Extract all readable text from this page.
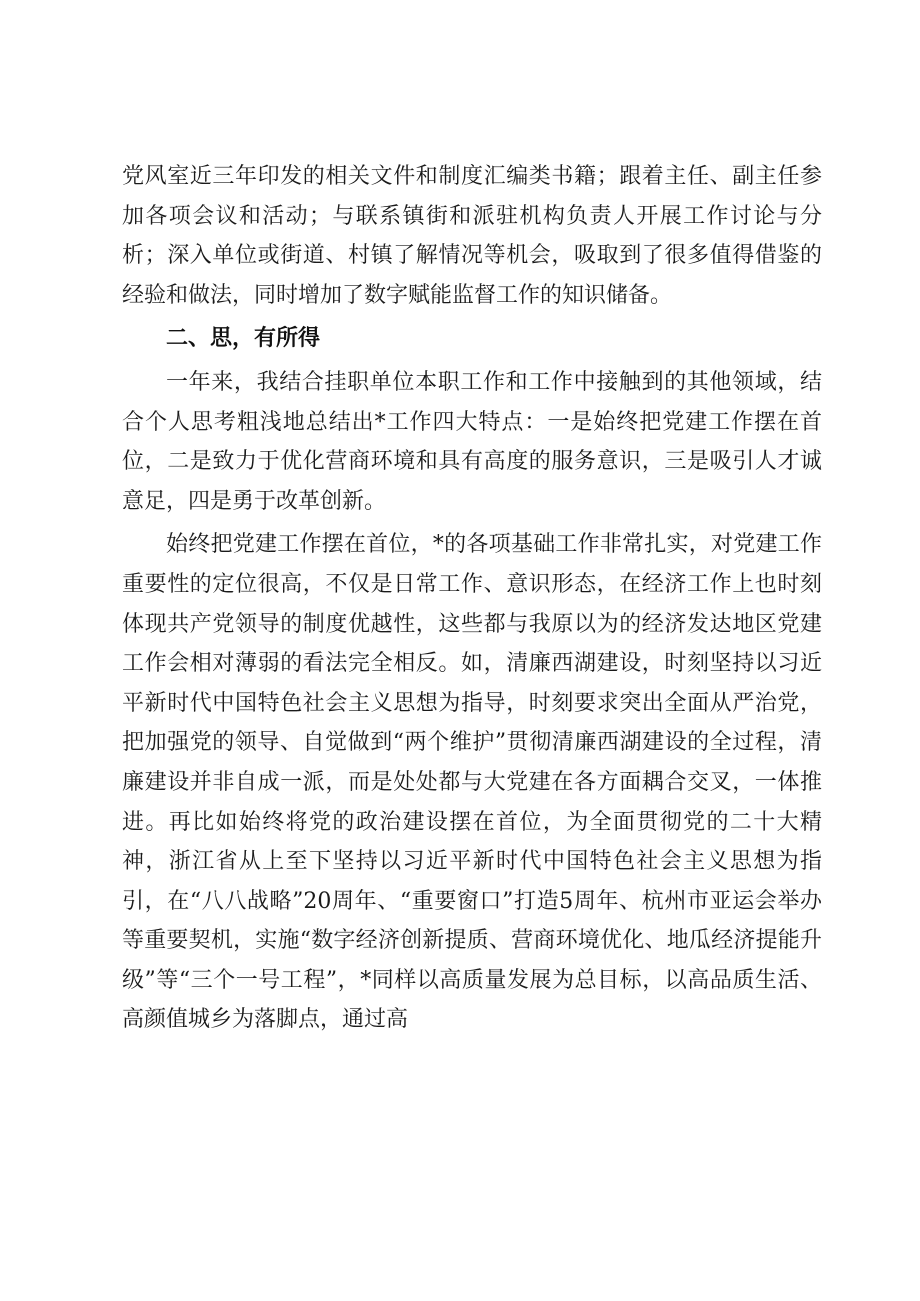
党风室近三年印发的相关文件和制度汇编类书籍；跟着主任、副主任参加各项会议和活动；与联系镇街和派驻机构负责人开展工作讨论与分析；深入单位或街道、村镇了解情况等机会，吸取到了很多值得借鉴的经验和做法，同时增加了数字赋能监督工作的知识储备。

二、思，有所得

一年来，我结合挂职单位本职工作和工作中接触到的其他领域，结合个人思考粗浅地总结出*工作四大特点：一是始终把党建工作摆在首位，二是致力于优化营商环境和具有高度的服务意识，三是吸引人才诚意足，四是勇于改革创新。

始终把党建工作摆在首位，*的各项基础工作非常扎实，对党建工作重要性的定位很高，不仅是日常工作、意识形态，在经济工作上也时刻体现共产党领导的制度优越性，这些都与我原以为的经济发达地区党建工作会相对薄弱的看法完全相反。如，清廉西湖建设，时刻坚持以习近平新时代中国特色社会主义思想为指导，时刻要求突出全面从严治党，把加强党的领导、自觉做到“两个维护”贯彻清廉西湖建设的全过程，清廉建设并非自成一派，而是处处都与大党建在各方面耦合交叉，一体推进。再比如始终将党的政治建设摆在首位，为全面贯彻党的二十大精神，浙江省从上至下坚持以习近平新时代中国特色社会主义思想为指引，在“八八战略”20周年、“重要窗口”打造5周年、杭州市亚运会举办等重要契机，实施“数字经济创新提质、营商环境优化、地瓜经济提能升级”等“三个一号工程”，*同样以高质量发展为总目标，以高品质生活、高颜值城乡为落脚点，通过高
